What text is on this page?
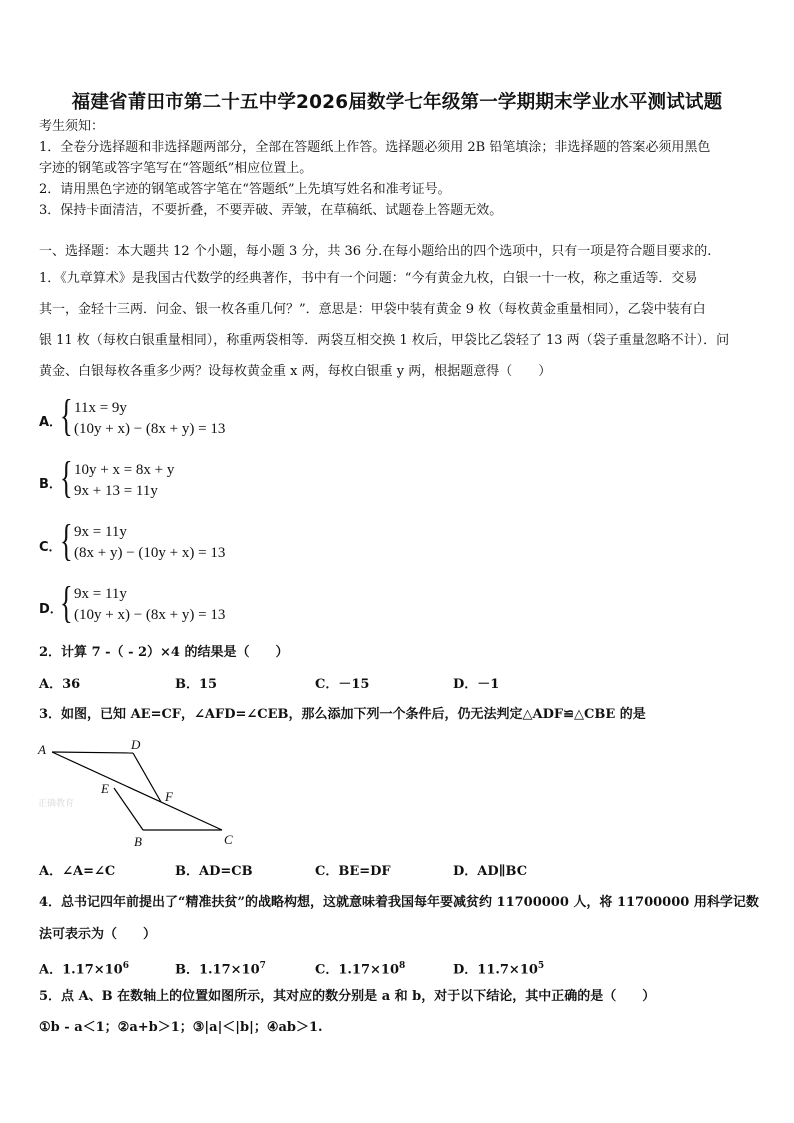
福建省莆田市第二十五中学2026届数学七年级第一学期期末学业水平测试试题
考生须知：
1．全卷分选择题和非选择题两部分，全部在答题纸上作答。选择题必须用 2B 铅笔填涂；非选择题的答案必须用黑色
字迹的钢笔或答字笔写在“答题纸”相应位置上。
2．请用黑色字迹的钢笔或答字笔在“答题纸”上先填写姓名和准考证号。
3．保持卡面清洁，不要折叠，不要弄破、弄皱，在草稿纸、试题卷上答题无效。
一、选择题：本大题共 12 个小题，每小题 3 分，共 36 分.在每小题给出的四个选项中，只有一项是符合题目要求的.
1．《九章算术》是我国古代数学的经典著作，书中有一个问题：“今有黄金九枚，白银一十一枚，称之重适等．交易
其一，金轻十三两．问金、银一枚各重几何？”．意思是：甲袋中装有黄金 9 枚（每枚黄金重量相同），乙袋中装有白
银 11 枚（每枚白银重量相同），称重两袋相等．两袋互相交换 1 枚后，甲袋比乙袋轻了 13 两（袋子重量忽略不计）．问
黄金、白银每枚各重多少两？设每枚黄金重 x 两，每枚白银重 y 两，根据题意得（　　）
A．
{ 11x = 9y
(10y + x) − (8x + y) = 13
B．
{ 10y + x = 8x + y
9x + 13 = 11y
C．
{ 9x = 11y
(8x + y) − (10y + x) = 13
D．
{ 9x = 11y
(10y + x) − (8x + y) = 13
2．计算 7 -（ - 2）×4 的结果是（　　）
A．36	B．15	C．－15	D．－1
3．如图，已知 AE=CF，∠AFD=∠CEB，那么添加下列一个条件后，仍无法判定△ADF≌△CBE 的是
A	D
E
F
B	C
正确教育
A．∠A=∠C	B．AD=CB	C．BE=DF	D．AD∥BC
4．总书记四年前提出了“精准扶贫”的战略构想，这就意味着我国每年要减贫约 11700000 人，将 11700000 用科学记数
法可表示为（　　）
A．$1.17\times 10^6$	B．$1.17\times 10^7$	C．$1.17\times 10^8$	D．$11.7\times 10^5$
5．点 A、B 在数轴上的位置如图所示，其对应的数分别是 a 和 b，对于以下结论，其中正确的是（　　）
①b - a＜1；②a+b＞1；③|a|＜|b|；④ab＞1.
